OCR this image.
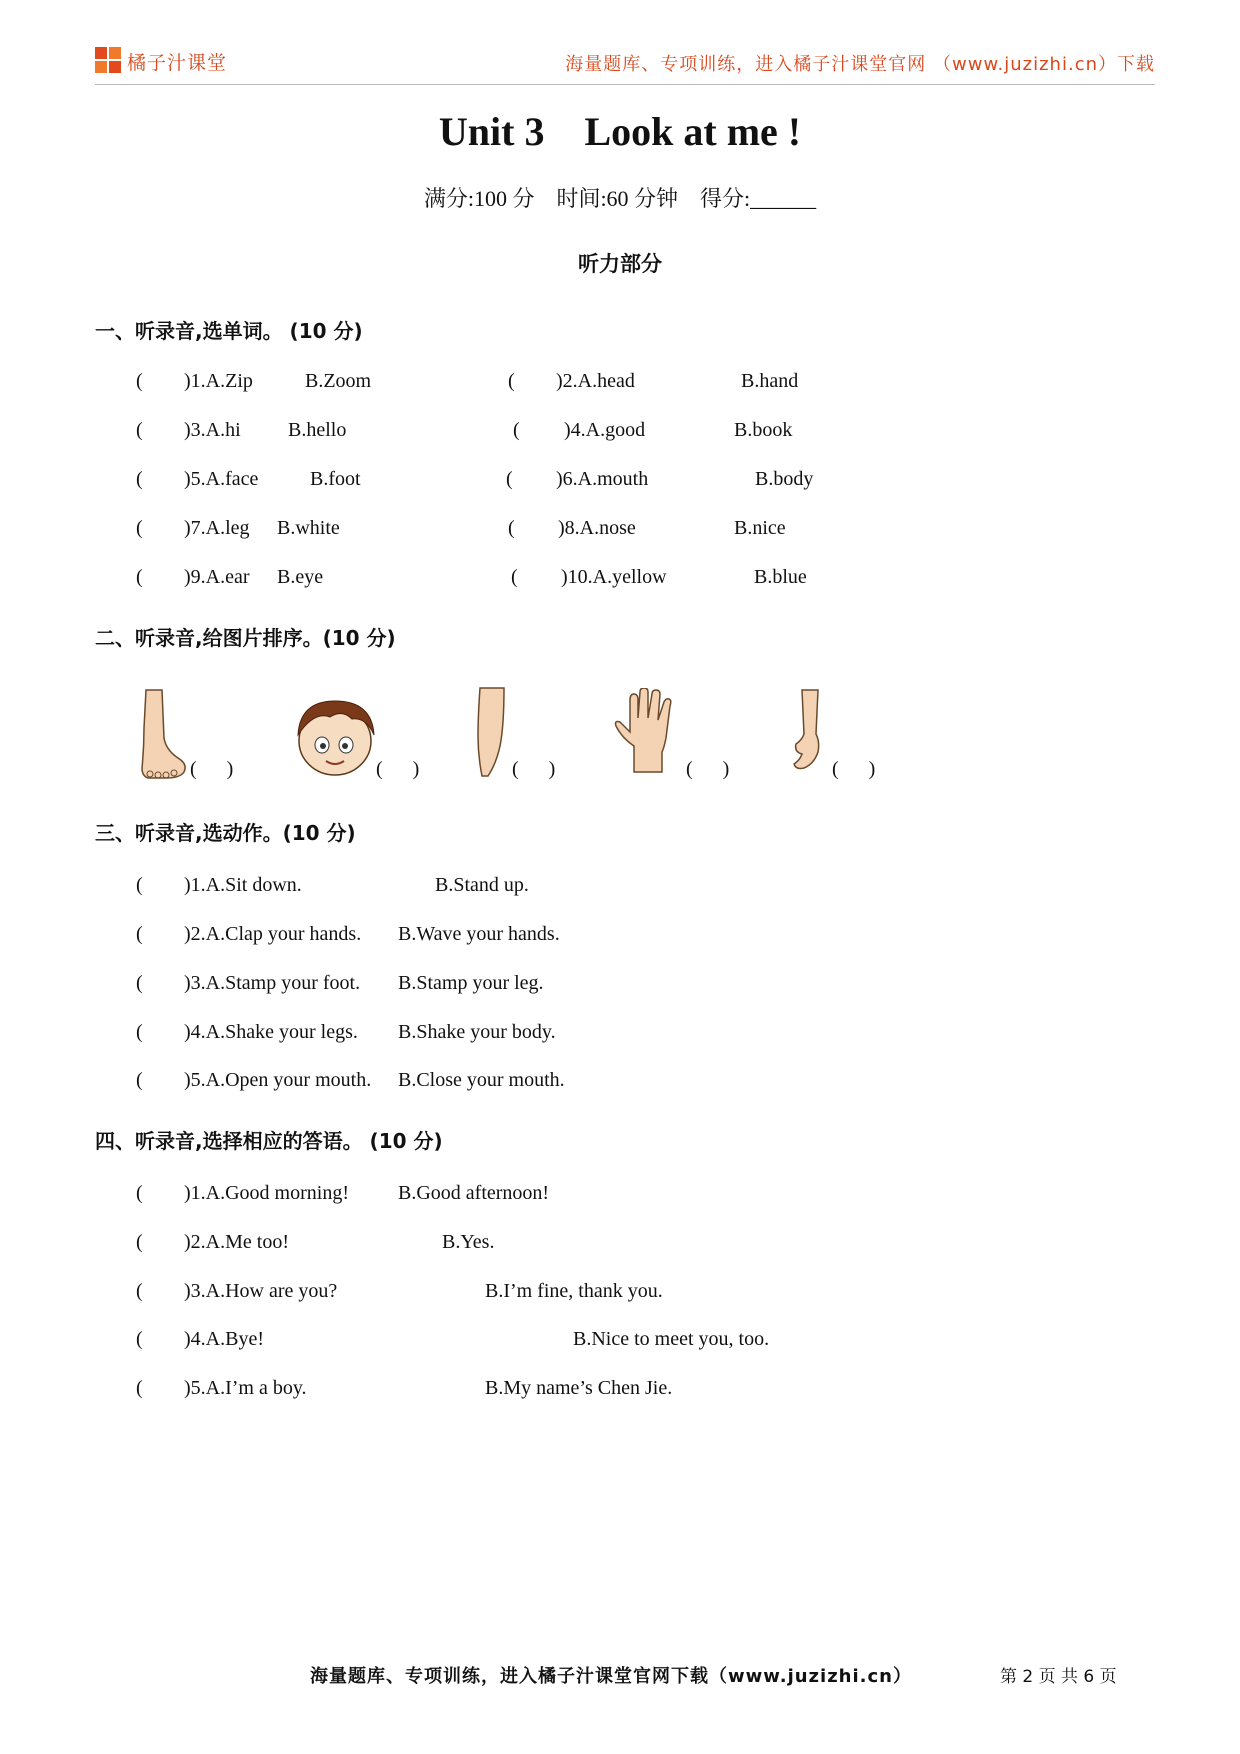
橘子汁课堂	海量题库、专项训练，进入橘子汁课堂官网 （www.juzizhi.cn）下载
Unit 3    Look at me !
满分:100 分    时间:60 分钟    得分:______
听力部分
一、听录音,选单词。 (10 分)
( )1.A.Zip	B.Zoom	( )2.A.head	B.hand
( )3.A.hi B.hello	( )4.A.good	B.book
( )5.A.face	B.foot	( )6.A.mouth	B.body
( )7.A.leg B.white	( )8.A.nose	B.nice
( )9.A.ear B.eye	( )10.A.yellow	B.blue
二、听录音,给图片排序。(10 分)
(      )	(      )	(      )	(      )	(      )
三、听录音,选动作。(10 分)
( )1.A.Sit down.	B.Stand up.
( )2.A.Clap your hands. B.Wave your hands.
( )3.A.Stamp your foot. B.Stamp your leg.
( )4.A.Shake your legs. B.Shake your body.
( )5.A.Open your mouth. B.Close your mouth.
四、听录音,选择相应的答语。 (10 分)
( )1.A.Good morning! B.Good afternoon!
( )2.A.Me too!	B.Yes.
( )3.A.How are you?	B.I’m fine, thank you.
( )4.A.Bye!	B.Nice to meet you, too.
( )5.A.I’m a boy.	B.My name’s Chen Jie.
海量题库、专项训练，进入橘子汁课堂官网下载（www.juzizhi.cn）	第 2 页 共 6 页
